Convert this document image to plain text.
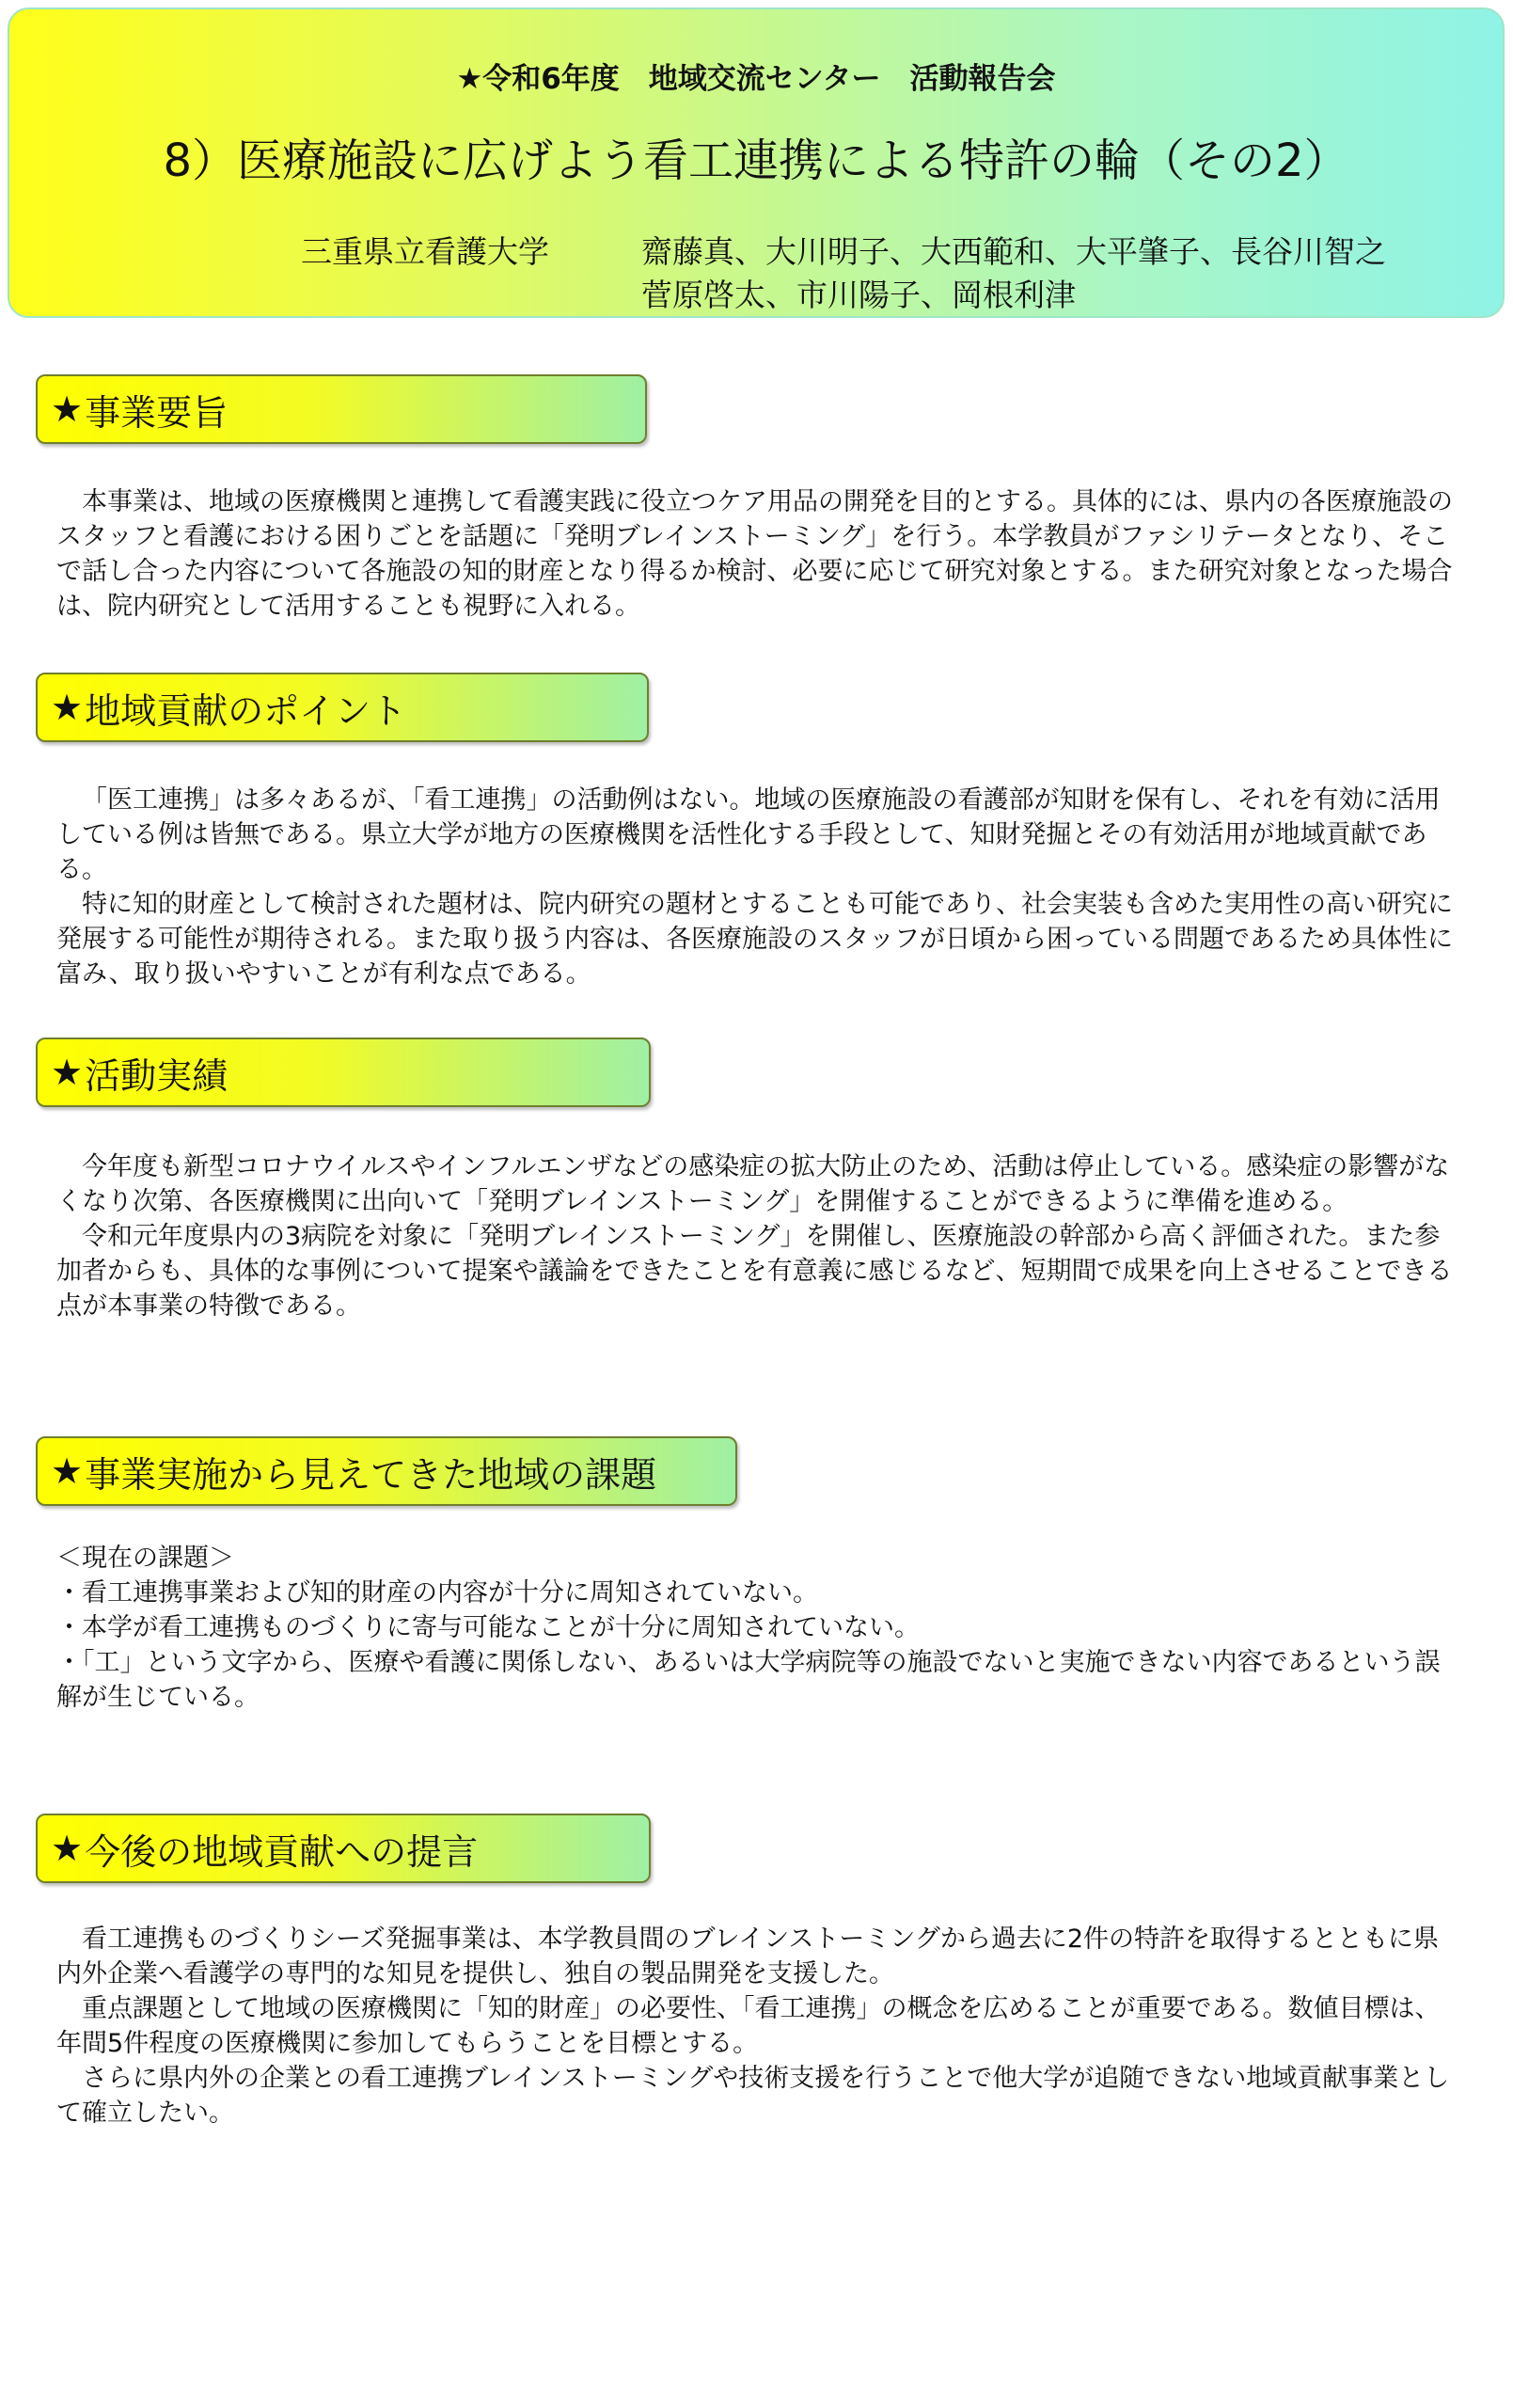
★令和6年度　地域交流センター　活動報告会
8）医療施設に広げよう看工連携による特許の輪（その2）
三重県立看護大学	齋藤真、大川明子、大西範和、大平肇子、長谷川智之
菅原啓太、市川陽子、岡根利津
★ 事業要旨

本事業は、地域の医療機関と連携して看護実践に役立つケア用品の開発を目的とする。具体的には、県内の各医療施設のスタッフと看護における困りごとを話題に「発明ブレインストーミング」を行う。本学教員がファシリテータとなり、そこで話し合った内容について各施設の知的財産となり得るか検討、必要に応じて研究対象とする。また研究対象となった場合は、院内研究として活用することも視野に入れる。

★ 地域貢献のポイント

「医工連携」は多々あるが、「看工連携」の活動例はない。地域の医療施設の看護部が知財を保有し、それを有効に活用している例は皆無である。県立大学が地方の医療機関を活性化する手段として、知財発掘とその有効活用が地域貢献である。

特に知的財産として検討された題材は、院内研究の題材とすることも可能であり、社会実装も含めた実用性の高い研究に発展する可能性が期待される。また取り扱う内容は、各医療施設のスタッフが日頃から困っている問題であるため具体性に富み、取り扱いやすいことが有利な点である。

★ 活動実績

今年度も新型コロナウイルスやインフルエンザなどの感染症の拡大防止のため、活動は停止している。感染症の影響がなくなり次第、各医療機関に出向いて「発明ブレインストーミング」を開催することができるように準備を進める。

令和元年度県内の3病院を対象に「発明ブレインストーミング」を開催し、医療施設の幹部から高く評価された。また参加者からも、具体的な事例について提案や議論をできたことを有意義に感じるなど、短期間で成果を向上させることできる点が本事業の特徴である。

★ 事業実施から見えてきた地域の課題
＜現在の課題＞
・看工連携事業および知的財産の内容が十分に周知されていない。
・本学が看工連携ものづくりに寄与可能なことが十分に周知されていない。
・「工」という文字から、医療や看護に関係しない、あるいは大学病院等の施設でないと実施できない内容であるという誤解が生じている。
★ 今後の地域貢献への提言

看工連携ものづくりシーズ発掘事業は、本学教員間のブレインストーミングから過去に2件の特許を取得するとともに県内外企業へ看護学の専門的な知見を提供し、独自の製品開発を支援した。

重点課題として地域の医療機関に「知的財産」の必要性、「看工連携」の概念を広めることが重要である。数値目標は、年間5件程度の医療機関に参加してもらうことを目標とする。

さらに県内外の企業との看工連携ブレインストーミングや技術支援を行うことで他大学が追随できない地域貢献事業として確立したい。
